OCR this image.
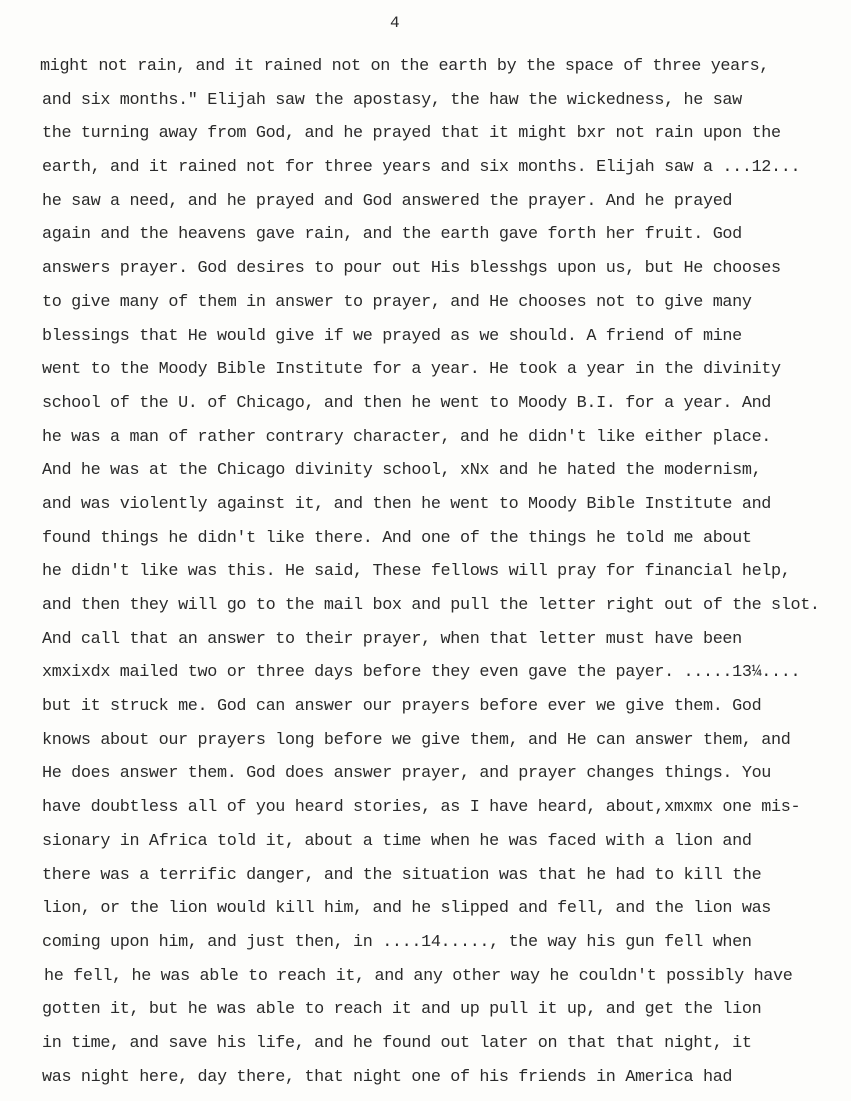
4
might not rain, and it rained not on the earth by the space of three years,
and six months." Elijah saw the apostasy, the haw the wickedness, he saw
the turning away from God, and he prayed that it might bxr not rain upon the
earth, and it rained not for three years and six months. Elijah saw a ...12...
he saw a need, and he prayed and God answered the prayer. And he prayed
again and the heavens gave rain, and the earth gave forth her fruit. God
answers prayer. God desires to pour out His blesshgs upon us, but He chooses
to give many of them in answer to prayer, and He chooses not to give many
blessings that He would give if we prayed as we should. A friend of mine
went to the Moody Bible Institute for a year. He took a year in the divinity
school of the U. of Chicago, and then he went to Moody B.I. for a year. And
he was a man of rather contrary character, and he didn't like either place.
And he was at the Chicago divinity school, xNx and he hated the modernism,
and was violently against it, and then he went to Moody Bible Institute and
found things he didn't like there. And one of the things he told me about
he didn't like was this. He said, These fellows will pray for financial help,
and then they will go to the mail box and pull the letter right out of the slot.
And call that an answer to their prayer, when that letter must have been
xmxixdx mailed two or three days before they even gave the payer. .....13¼....
but it struck me. God can answer our prayers before ever we give them. God
knows about our prayers long before we give them, and He can answer them, and
He does answer them. God does answer prayer, and prayer changes things. You
have doubtless all of you heard stories, as I have heard, about,xmxmx one mis-
sionary in Africa told it, about a time when he was faced with a lion and
there was a terrific danger, and the situation was that he had to kill the
lion, or the lion would kill him, and he slipped and fell, and the lion was
coming upon him, and just then, in ....14....., the way his gun fell when
he fell, he was able to reach it, and any other way he couldn't possibly have
gotten it, but he was able to reach it and up pull it up, and get the lion
in time, and save his life, and he found out later on that that night, it
was night here, day there, that night one of his friends in America had
